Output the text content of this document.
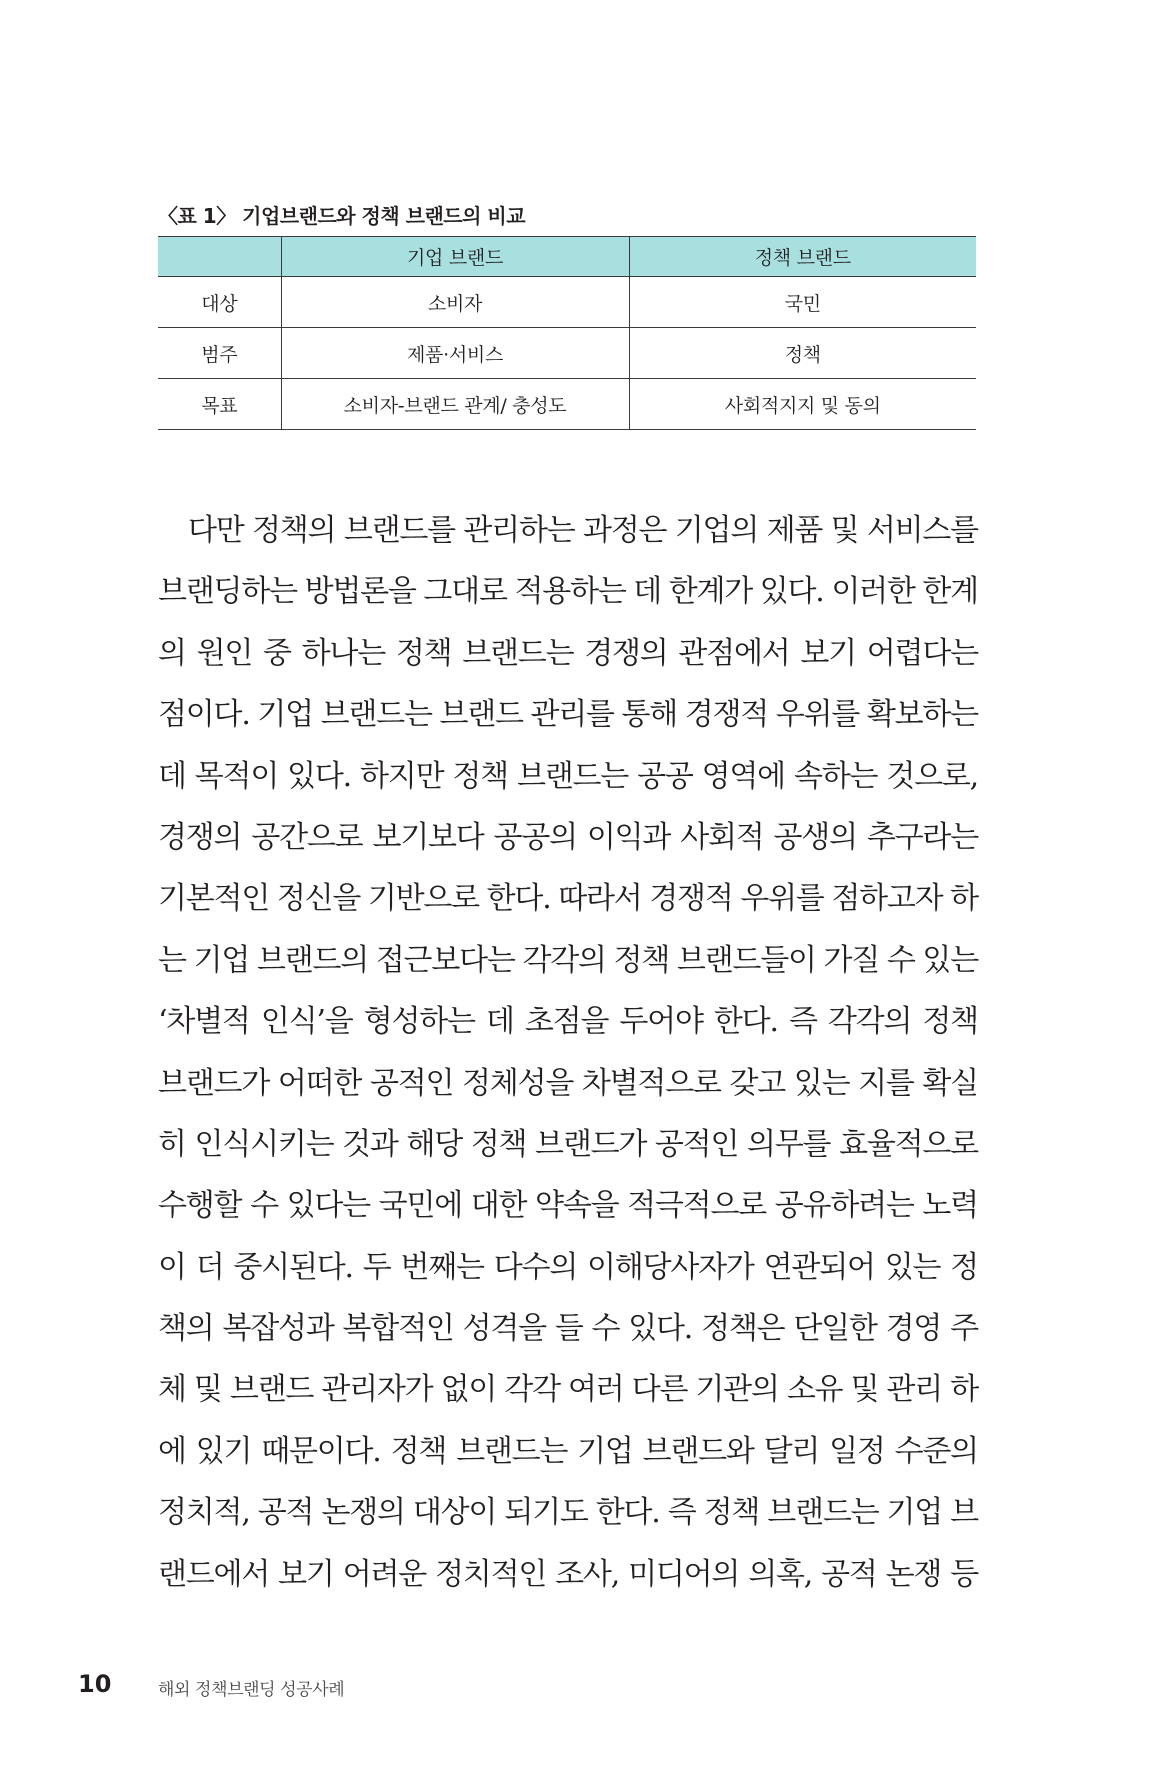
〈표 1〉 기업브랜드와 정책 브랜드의 비교
	기업 브랜드	정책 브랜드
대상	소비자	국민
범주	제품·서비스	정책
목표	소비자-브랜드 관계/ 충성도	사회적지지 및 동의
다만 정책의 브랜드를 관리하는 과정은 기업의 제품 및 서비스를
브랜딩하는 방법론을 그대로 적용하는 데 한계가 있다. 이러한 한계
의 원인 중 하나는 정책 브랜드는 경쟁의 관점에서 보기 어렵다는
점이다. 기업 브랜드는 브랜드 관리를 통해 경쟁적 우위를 확보하는
데 목적이 있다. 하지만 정책 브랜드는 공공 영역에 속하는 것으로,
경쟁의 공간으로 보기보다 공공의 이익과 사회적 공생의 추구라는
기본적인 정신을 기반으로 한다. 따라서 경쟁적 우위를 점하고자 하
는 기업 브랜드의 접근보다는 각각의 정책 브랜드들이 가질 수 있는
‘차별적 인식’을 형성하는 데 초점을 두어야 한다. 즉 각각의 정책
브랜드가 어떠한 공적인 정체성을 차별적으로 갖고 있는 지를 확실
히 인식시키는 것과 해당 정책 브랜드가 공적인 의무를 효율적으로
수행할 수 있다는 국민에 대한 약속을 적극적으로 공유하려는 노력
이 더 중시된다. 두 번째는 다수의 이해당사자가 연관되어 있는 정
책의 복잡성과 복합적인 성격을 들 수 있다. 정책은 단일한 경영 주
체 및 브랜드 관리자가 없이 각각 여러 다른 기관의 소유 및 관리 하
에 있기 때문이다. 정책 브랜드는 기업 브랜드와 달리 일정 수준의
정치적, 공적 논쟁의 대상이 되기도 한다. 즉 정책 브랜드는 기업 브
랜드에서 보기 어려운 정치적인 조사, 미디어의 의혹, 공적 논쟁 등
10	해외 정책브랜딩 성공사례
